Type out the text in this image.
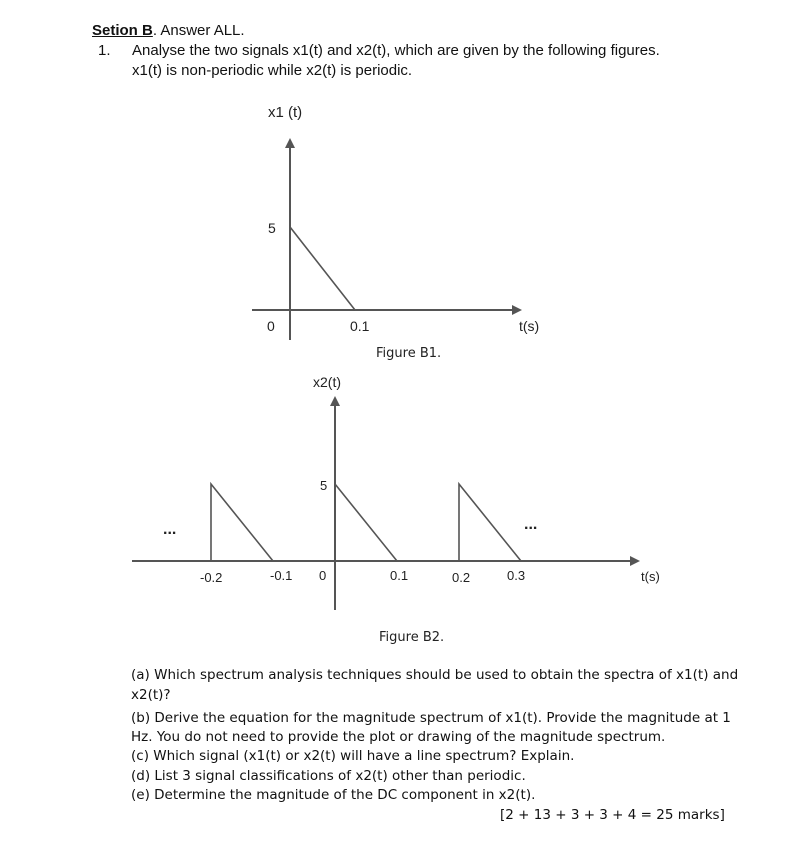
Setion B. Answer ALL.
1. Analyse the two signals x1(t) and x2(t), which are given by the following figures.
x1(t) is non-periodic while x2(t) is periodic.
x1 (t)
5
0	0.1	t(s)
Figure B1.
x2(t)
5
...	...
-0.2	-0.1 0	0.1	0.2	0.3	t(s)
Figure B2.
(a) Which spectrum analysis techniques should be used to obtain the spectra of x1(t) and
x2(t)?
(b) Derive the equation for the magnitude spectrum of x1(t). Provide the magnitude at 1
Hz. You do not need to provide the plot or drawing of the magnitude spectrum.
(c) Which signal (x1(t) or x2(t) will have a line spectrum? Explain.
(d) List 3 signal classifications of x2(t) other than periodic.
(e) Determine the magnitude of the DC component in x2(t).
[2 + 13 + 3 + 3 + 4 = 25 marks]
